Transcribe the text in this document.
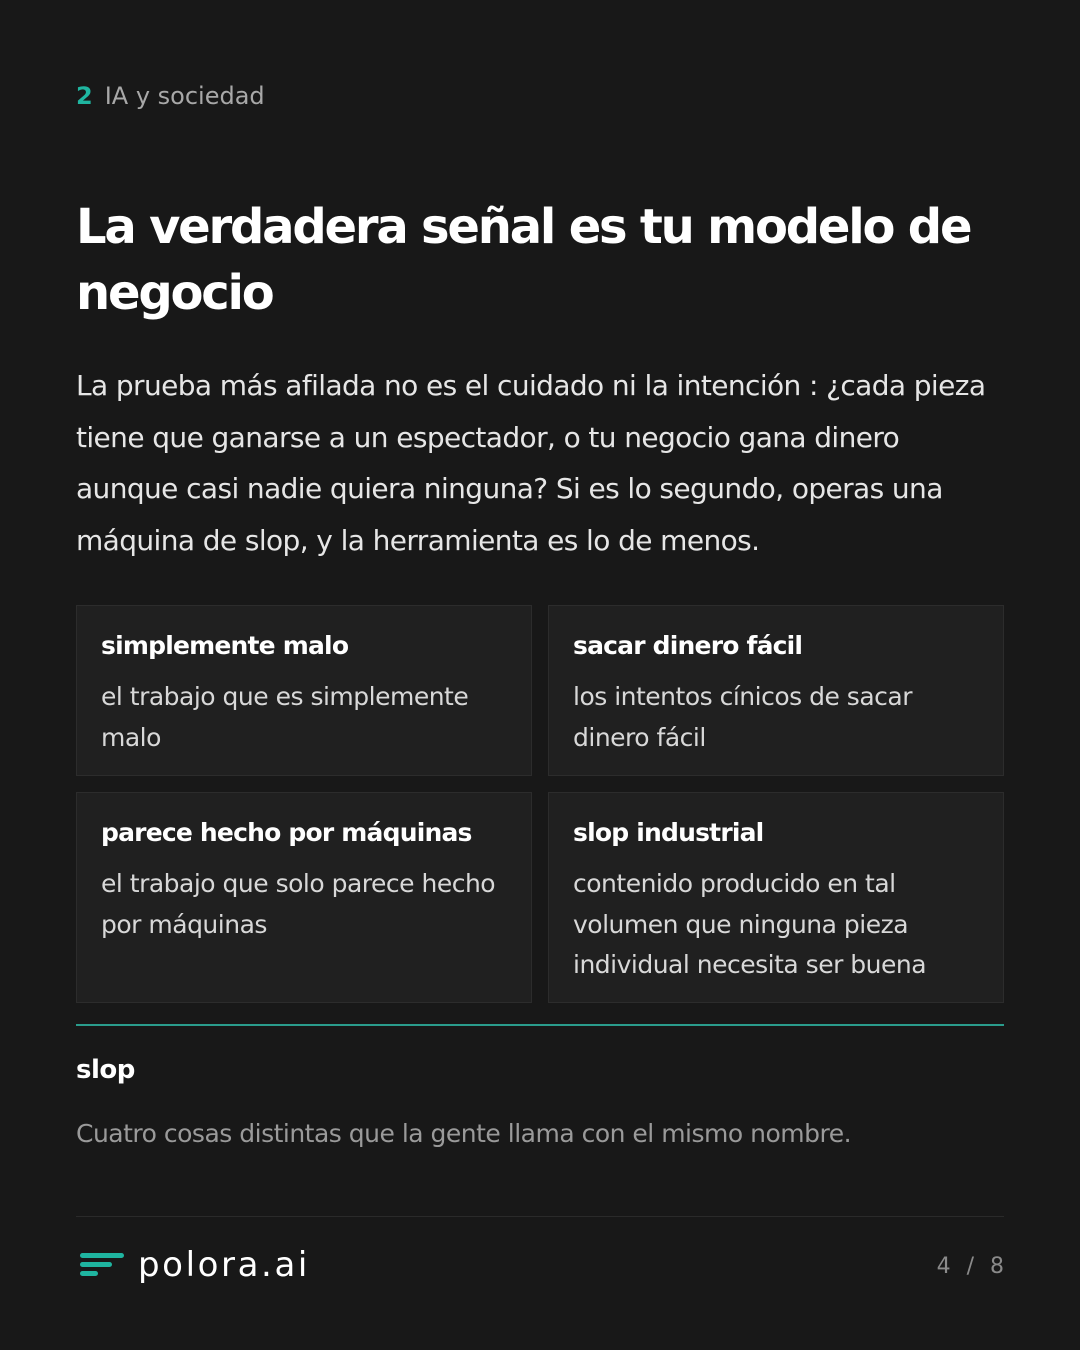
2 IA y sociedad
La verdadera señal es tu modelo de negocio

La prueba más afilada no es el cuidado ni la intención : ¿cada pieza tiene que ganarse a un espectador, o tu negocio gana dinero aunque casi nadie quiera ninguna? Si es lo segundo, operas una máquina de slop, y la herramienta es lo de menos.

simplemente malo
el trabajo que es simplemente malo
sacar dinero fácil
los intentos cínicos de sacar dinero fácil
parece hecho por máquinas
el trabajo que solo parece hecho por máquinas
slop industrial
contenido producido en tal volumen que ninguna pieza individual necesita ser buena
slop
Cuatro cosas distintas que la gente llama con el mismo nombre.
polora.ai	4 / 8
